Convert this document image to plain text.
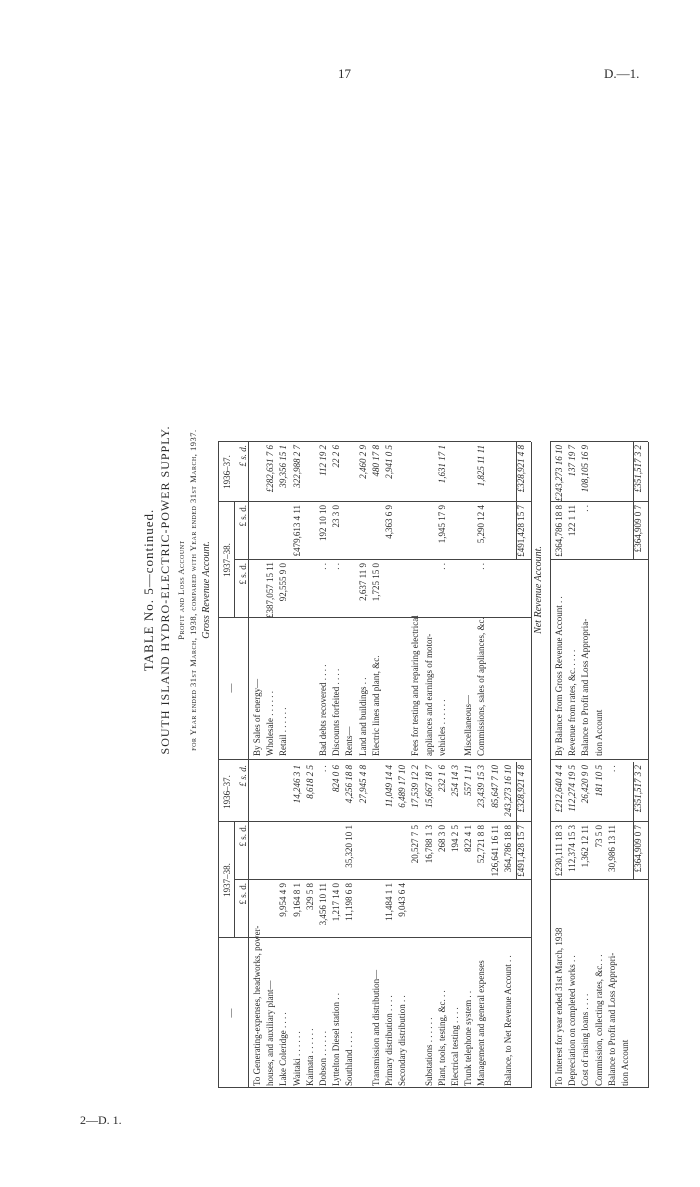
17	D.—1.
2—D. 1.
TABLE No. 5—continued. SOUTH ISLAND HYDRO-ELECTRIC-POWER SUPPLY. Profit and Loss Account for Year ended 31st March, 1938, compared with Year ended 31st March, 1937. Gross Revenue Account.	Net Revenue Account.
—
1937–38.
1936–37.
—
1937–38.
1936–37.
£ s. d.
£ s. d.
£ s. d.
£ s. d.
£ s. d.
£ s. d.
To Generating-expenses, headworks, power- houses, and auxiliary plant— Lake Coleridge . . . .
9,954 4 9
Waitaki . . . . . .
9,164 8 1
14,246 3 1
Kaimata . . . . . .
329 5 8
8,618 2 5
Dobson . . . . . .
3,456 10 11
. .
Lyttelton Diesel station . .
1,217 14 0
824 0 6
Southland . . . .
11,198 6 8
35,320 10 1
4,256 18 8 27,945 4 8
Transmission and distribution— Primary distribution . . . .
11,484 1 1
11,049 14 4
Secondary distribution . .
9,043 6 4
6,489 17 10
20,527 7 5
17,539 12 2
Substations . . . . . .
16,788 1 3
15,667 18 7
Plant, tools, testing, &c. . .
268 3 0
232 1 6
Electrical testing . . . .
194 2 5
254 14 3
Trunk telephone system . .
822 4 1
557 1 11
Management and general expenses
52,721 8 8
23,439 15 3
126,641 16 11
85,647 7 10
Balance, to Net Revenue Account . .
364,786 18 8
243,273 16 10
£491,428 15 7
£328,921 4 8
By Sales of energy— Wholesale . . . . . .
£387,057 15 11
£282,631 7 6
Retail . . . . . .
92,555 9 0
39,356 15 1
£479,613 4 11
322,988 2 7
Bad debts recovered . . . .
. .
192 10 10
112 19 2
Discounts forfeited . . . .
. .
23 3 0
22 2 6
Rents— Land and buildings . .
2,637 11 9
2,460 2 9
Electric lines and plant, &c.
1,725 15 0
480 17 8
4,363 6 9
2,941 0 5
Fees for testing and repairing electrical appliances and earnings of motor- vehicles . . . . . .
. .
1,945 17 9
1,631 17 1
Miscellaneous— Commissions, sales of appliances, &c.
. .
5,290 12 4
1,825 11 11
£491,428 15 7
£328,921 4 8
To Interest for year ended 31st March, 1938
£230,111 18 3
£212,640 4 4
Depreciation on completed works . .
112,374 15 3
112,274 19 5
Cost of raising loans . . . .
1,362 12 11
26,420 9 0
Commission, collecting rates, &c. . .
73 5 0
181 10 5
Balance to Profit and Loss Appropri-
30,986 13 11
. .
tion Account
£364,909 0 7
£351,517 3 2
By Balance from Gross Revenue Account . .
£364,786 18 8
£243,273 16 10
Revenue from rates, &c. . . . .
122 1 11
137 19 7
Balance to Profit and Loss Appropria-
. .
108,105 16 9
tion Account
£364,909 0 7
£351,517 3 2
